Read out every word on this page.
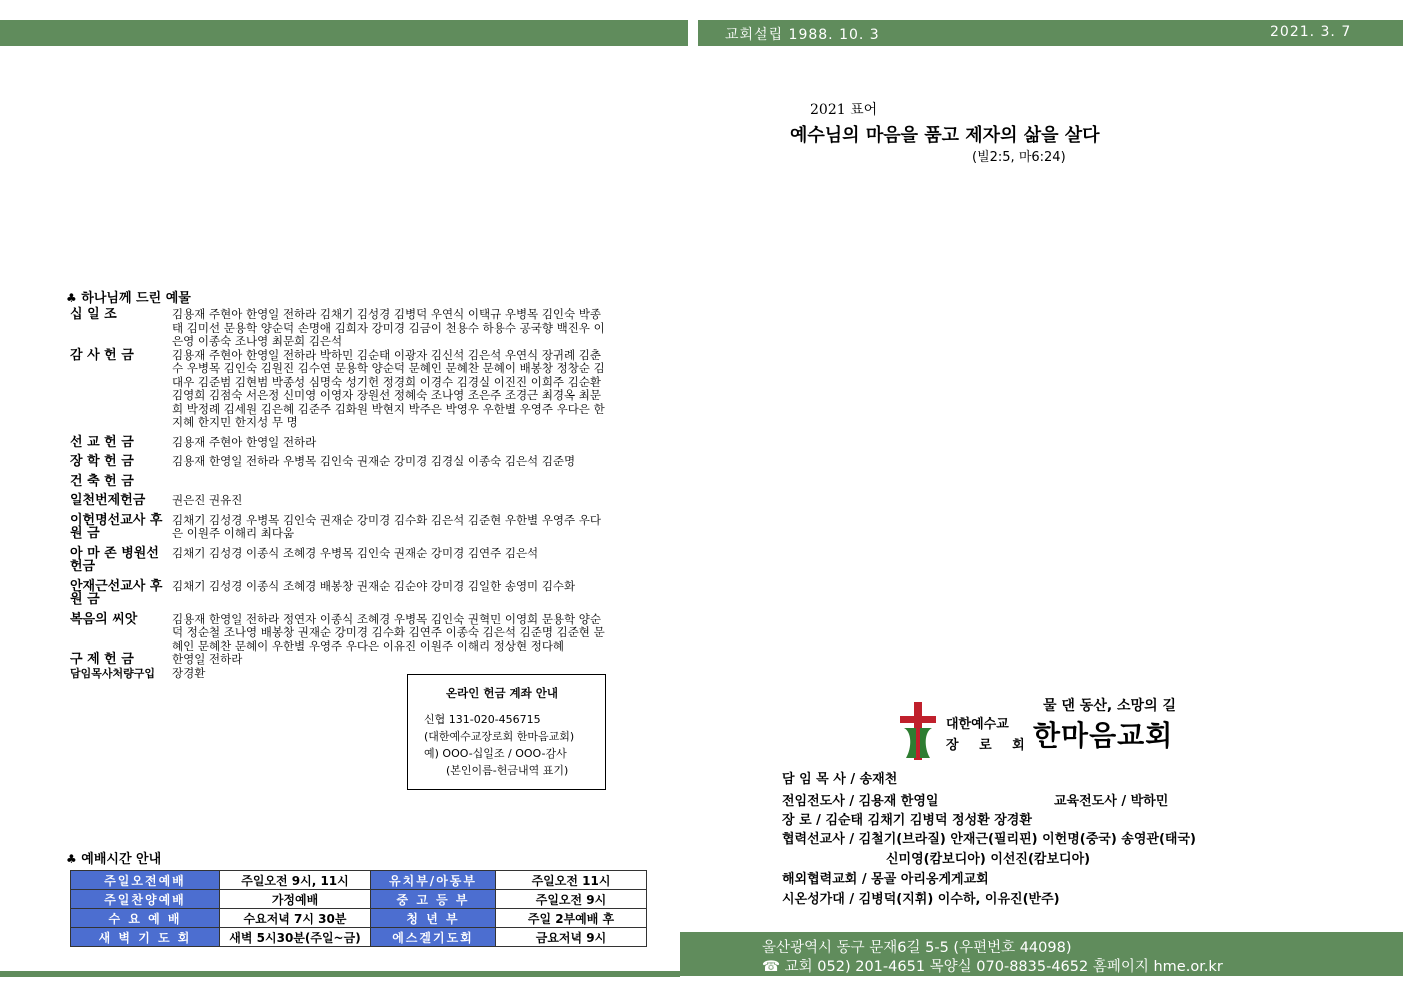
교회설립 1988. 10. 3	2021. 3. 7
2021 표어
예수님의 마음을 품고 제자의 삶을 살다
(빌2:5, 마6:24)
♣ 하나님께 드린 예물
십 일 조	김용재 주현아 한영일 전하라 김채기 김성경 김병덕 우연식 이택규 우병목 김인숙 박종태 김미선 문용학 양순덕 손명애 김희자 강미경 김금이 천용수 하용수 공국향 백진우 이은영 이종숙 조나영 최문희 김은석
감 사 헌 금	김용재 주현아 한영일 전하라 박하민 김순태 이광자 김신석 김은석 우연식 장귀례 김춘수 우병목 김인숙 김원진 김수연 문용학 양순덕 문혜인 문혜찬 문혜이 배봉창 정창순 김대우 김준범 김현범 박종성 심명숙 성기헌 정경희 이경수 김경실 이진진 이희주 김순환 김영희 김점숙 서은정 신미영 이영자 장원선 정혜숙 조나영 조은주 조경근 최경옥 최문희 박정례 김세원 김은혜 김준주 김화원 박현지 박주은 박영우 우한별 우영주 우다은 한지혜 한지민 한지성 무 명
선 교 헌 금	김용재 주현아 한영일 전하라
장 학 헌 금	김용재 한영일 전하라 우병목 김인숙 권재순 강미경 김경실 이종숙 김은석 김준명
건 축 헌 금	
일천번제헌금	권은진 권유진
이헌명선교사 후 원 금	김채기 김성경 우병목 김인숙 권재순 강미경 김수화 김은석 김준현 우한별 우영주 우다은 이원주 이해리 최다움
아 마 존 병원선헌금	김채기 김성경 이종식 조혜경 우병목 김인숙 권재순 강미경 김연주 김은석
안재근선교사 후 원 금	김채기 김성경 이종식 조혜경 배봉창 권재순 김순야 강미경 김일한 송영미 김수화
복음의 씨앗	김용재 한영일 전하라 정연자 이종식 조혜경 우병목 김인숙 권혁민 이영희 문용학 양순덕 정순철 조나영 배봉창 권재순 강미경 김수화 김연주 이종숙 김은석 김준명 김준현 문혜인 문혜찬 문혜이 우한별 우영주 우다은 이유진 이원주 이해리 정상현 정다혜
구 제 헌 금	한영일 전하라
담임목사처량구입	장경환
온라인 헌금 계좌 안내
신협 131-020-456715
(대한예수교장로회 한마음교회)
예) OOO-십일조 / OOO-감사
(본인이름-헌금내역 표기)
♣ 예배시간 안내
주일오전예배	주일오전 9시, 11시	유치부/아동부	주일오전 11시
주일찬양예배	가정예배	중 고 등 부	주일오전 9시
수 요 예 배	수요저녁 7시 30분	청 년 부	주일 2부예배 후
새 벽 기 도 회	새벽 5시30분(주일~금)	에스겔기도회	금요저녁 9시
대한예수교
장 로 회
물 댄 동산, 소망의 길
한마음교회
담 임 목 사 / 송재천
전임전도사 / 김용재 한영일	교육전도사 / 박하민
장 로 / 김순태 김채기 김병덕 정성환 장경환
협력선교사 / 김철기(브라질) 안재근(필리핀) 이헌명(중국) 송영관(태국)
신미영(캄보디아) 이선진(캄보디아)
해외협력교회 / 몽골 아리옹게게교회
시온성가대 / 김병덕(지휘) 이수하, 이유진(반주)
울산광역시 동구 문재6길 5-5 (우편번호 44098)
☎ 교회 052) 201-4651 목양실 070-8835-4652 홈페이지 hme.or.kr
